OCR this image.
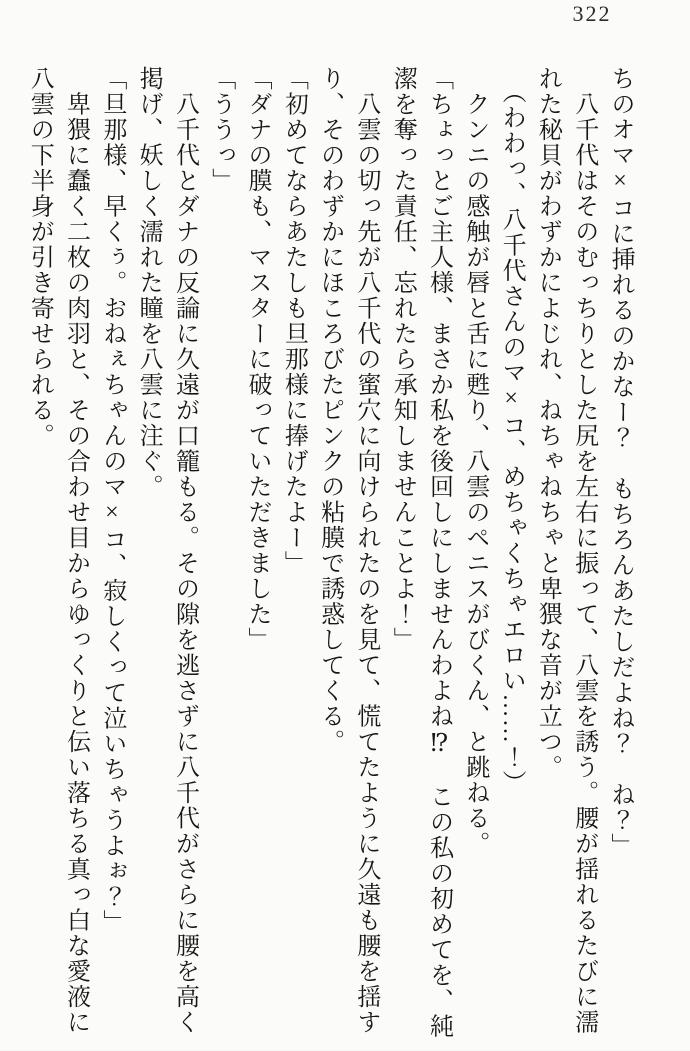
322

ちのオマ×コに挿れるのかなー？　もちろんあたしだよね？　ね？」

　八千代はそのむっちりとした尻を左右に振って、八雲を誘う。腰が揺れるたびに濡

れた秘貝がわずかによじれ、ねちゃねちゃと卑猥な音が立つ。

　（わわっ、八千代さんのマ×コ、めちゃくちゃエロい……！）

　クンニの感触が唇と舌に甦り、八雲のペニスがびくん、と跳ねる。

「ちょっとご主人様、まさか私を後回しにしませんわよね⁉　この私の初めてを、純

潔を奪った責任、忘れたら承知しませんことよ！」

　八雲の切っ先が八千代の蜜穴に向けられたのを見て、慌てたように久遠も腰を揺す

り、そのわずかにほころびたピンクの粘膜で誘惑してくる。

「初めてならあたしも旦那様に捧げたよー」

「ダナの膜も、マスターに破っていただきました」

「ううっ」

　八千代とダナの反論に久遠が口籠もる。その隙を逃さずに八千代がさらに腰を高く

掲げ、妖しく濡れた瞳を八雲に注ぐ。

「旦那様、早くぅ。おねぇちゃんのマ×コ、寂しくって泣いちゃうよぉ？」

　卑猥に蠢く二枚の肉羽と、その合わせ目からゆっくりと伝い落ちる真っ白な愛液に

八雲の下半身が引き寄せられる。
